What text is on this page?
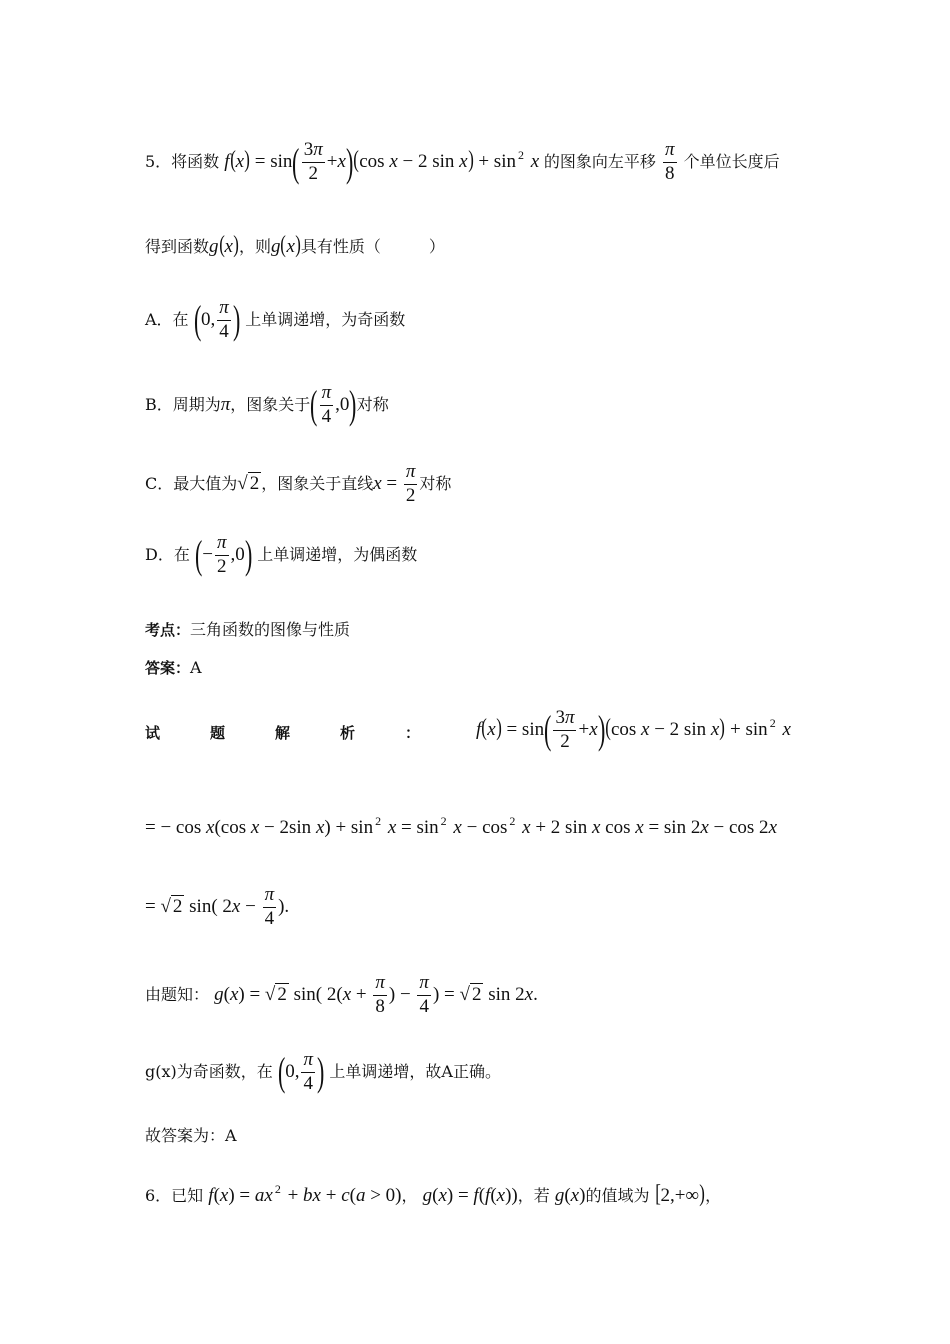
5．将函数 $f(x) = \sin( \frac{3\pi}{2} +x)(\cos$ x − 2 sin x) + sin $^2$ x 的图象向左平移 $\frac{\pi}{8}$ 个单位长度后
得到函数g(x)，则g(x)具有性质（　　　）
A．在 (0, $\frac{\pi}{4}$ ) 上单调递增，为奇函数
B．周期为π，图象关于( $\frac{\pi}{4} ,0$)对称
C．最大值为√ 2 ，图象关于直线$x = \frac{\pi}{2}$ 对称
D．在 (− $\frac{\pi}{2} ,0$) 上单调递增，为偶函数
考点：三角函数的图像与性质
答案：A
试	题	解	析	：	$f(x) = \sin( \frac{3\pi}{2} +x)(\cos$ x − 2 sin x) + sin $^2$ x
= − cos x(cos x − 2sin x) + sin $^2$ x = sin $^2$ x − cos $^2$ x + 2 sin x cos x = sin 2x − cos 2x
= √ 2 sin( $2x - \frac{\pi}{4}$ ).
由题知： g(x) = √ 2 sin( $2(x + \frac{\pi}{8}$ ) − $\frac{\pi}{4}$ ) = √ 2 sin 2x.
g(x)为奇函数，在 (0, $\frac{\pi}{4}$ ) 上单调递增，故A正确。
故答案为：A
6．已知 f(x) = ax $^2$ + bx + c(a > 0)， g(x) = f(f(x))，若 g(x)的值域为 [2,+∞)，
